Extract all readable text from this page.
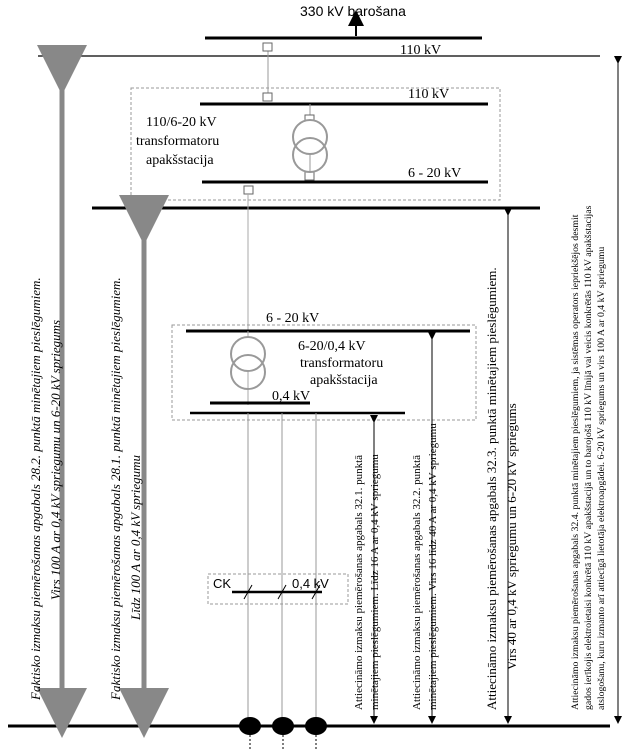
330 kV barošana
110 kV
110 kV
110/6-20 kV
transformatoru
apakšstacija
6 - 20 kV
6 - 20 kV
6-20/0,4 kV
transformatoru
apakšstacija
0,4 kV
CK	0,4 kV
Faktisko izmaksu piemērošanas apgabals 28.2. punktā minētajiem pieslēgumiem. Virs 100 A ar 0,4 kV spriegumu un 6-20 kV spriegums	Faktisko izmaksu piemērošanas apgabals 28.1. punktā minētajiem pieslēgumiem. Līdz 100 A ar 0,4 kV spriegumu	Attiecināmo izmaksu piemērošanas apgabals 32.1. punktā minētajiem pieslēgumiem. Līdz 16 A ar 0,4 kV spriegumu	Attiecināmo izmaksu piemērošanas apgabals 32.2. punktā minētajiem pieslēgumiem. Virs 16 līdz 40 A ar 0,4 kV spriegumu	Attiecināmo izmaksu piemērošanas apgabals 32.3. punktā minētajiem pieslēgumiem. Virs 40 ar 0,4 kV spriegumu un 6-20 kV spriegums	Attiecināmo izmaksu piemērošanas apgabals 32.4. punktā minētajiem pieslēgumiem, ja sistēmas operators iepriekšējos desmit gados ierīkojis elektroietaisi konkrētā 110 kV apakšstacijā un to barojošā 110 kV līnijā vai veicis konkrētās 110 kV apakšstacijas atslogošanu, kuru izmanto arī attiecīgā lietotāja elektroapgādei. 6-20 kV spriegums un virs 100 A ar 0,4 kV spriegumu
